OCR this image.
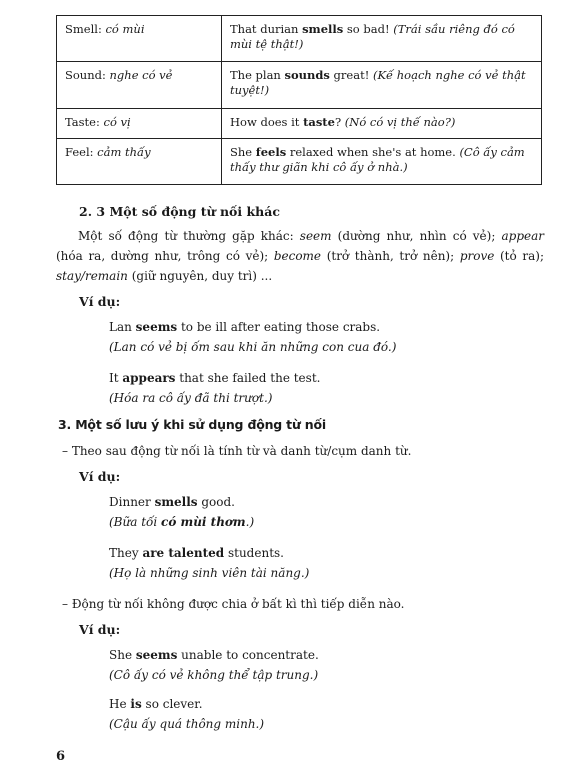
Smell: có mùi	That durian smells so bad! (Trái sầu riêng đó có mùi tệ thật!)
Sound: nghe có vẻ	The plan sounds great! (Kế hoạch nghe có vẻ thật tuyệt!)
Taste: có vị	How does it taste? (Nó có vị thế nào?)
Feel: cảm thấy	She feels relaxed when she's at home. (Cô ấy cảm thấy thư giãn khi cô ấy ở nhà.)
2. 3 Một số động từ nối khác
Một số động từ thường gặp khác: seem (dường như, nhìn có vẻ); appear (hóa ra, dường như, trông có vẻ); become (trở thành, trở nên); prove (tỏ ra); stay/remain (giữ nguyên, duy trì) ...
Ví dụ:
Lan seems to be ill after eating those crabs.
(Lan có vẻ bị ốm sau khi ăn những con cua đó.)
It appears that she failed the test.
(Hóa ra cô ấy đã thi trượt.)
3. Một số lưu ý khi sử dụng động từ nối
– Theo sau động từ nối là tính từ và danh từ/cụm danh từ.
Ví dụ:
Dinner smells good.
(Bữa tối có mùi thơm.)
They are talented students.
(Họ là những sinh viên tài năng.)
– Động từ nối không được chia ở bất kì thì tiếp diễn nào.
Ví dụ:
She seems unable to concentrate.
(Cô ấy có vẻ không thể tập trung.)
He is so clever.
(Cậu ấy quá thông minh.)
6
